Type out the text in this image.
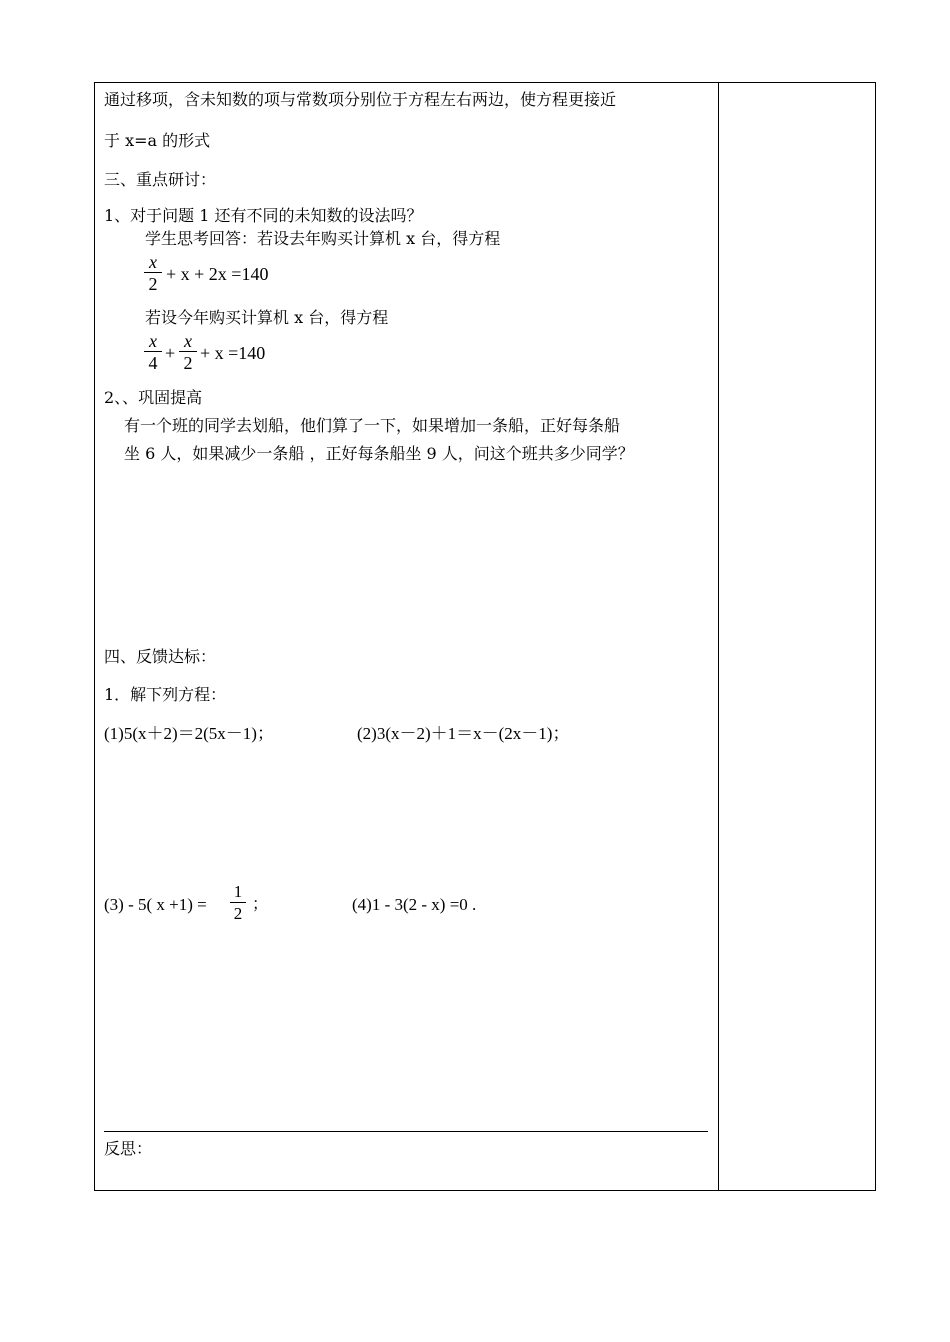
通过移项，含未知数的项与常数项分别位于方程左右两边，使方程更接近
于 x=a 的形式
三、重点研讨：
1、对于问题 1 还有不同的未知数的设法吗？
学生思考回答：若设去年购买计算机 x 台，得方程
$\frac{x}{2} + x + 2x =140$
若设今年购买计算机 x 台，得方程
$\frac{x}{4} + \frac{x}{2} + x =140$
2、、巩固提高
有一个班的同学去划船，他们算了一下，如果增加一条船，正好每条船
坐 6 人，如果减少一条船 ，正好每条船坐 9 人，问这个班共多少同学？
四、反馈达标：
1．解下列方程：
(1)5(x＋2)＝2(5x－1)；	(2)3(x－2)＋1＝x－(2x－1)；
(3) - 5( $x +1) = \frac{1}{2}$ ；	(4)1 - 3(2 - x) =0 .
反思：
